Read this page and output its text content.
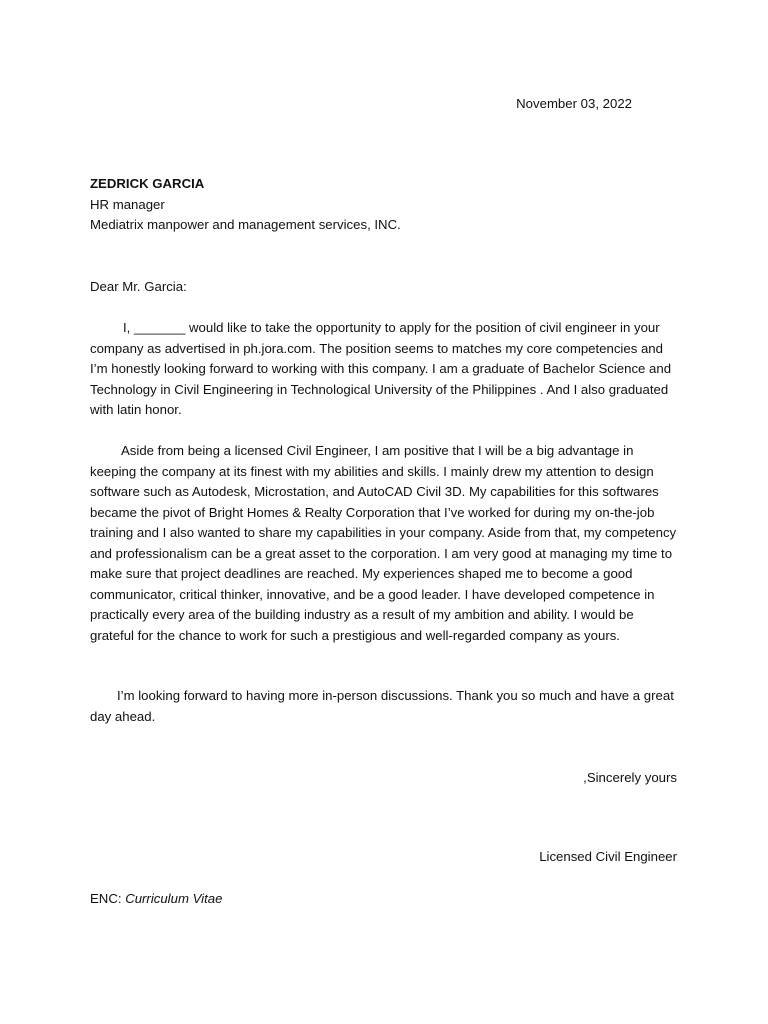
November 03, 2022
ZEDRICK GARCIA
HR manager
Mediatrix manpower and management services, INC.
Dear Mr. Garcia:

I, _______ would like to take the opportunity to apply for the position of civil engineer in your company as advertised in ph.jora.com. The position seems to matches my core competencies and I’m honestly looking forward to working with this company. I am a graduate of Bachelor Science and Technology in Civil Engineering in Technological University of the Philippines . And I also graduated with latin honor.

Aside from being a licensed Civil Engineer, I am positive that I will be a big advantage in keeping the company at its finest with my abilities and skills. I mainly drew my attention to design software such as Autodesk, Microstation, and AutoCAD Civil 3D. My capabilities for this softwares became the pivot of Bright Homes & Realty Corporation that I’ve worked for during my on-the-job training and I also wanted to share my capabilities in your company. Aside from that, my competency and professionalism can be a great asset to the corporation. I am very good at managing my time to make sure that project deadlines are reached. My experiences shaped me to become a good communicator, critical thinker, innovative, and be a good leader. I have developed competence in practically every area of the building industry as a result of my ambition and ability. I would be grateful for the chance to work for such a prestigious and well-regarded company as yours.

I’m looking forward to having more in-person discussions. Thank you so much and have a great day ahead.

,Sincerely yours
Licensed Civil Engineer
ENC: Curriculum Vitae
